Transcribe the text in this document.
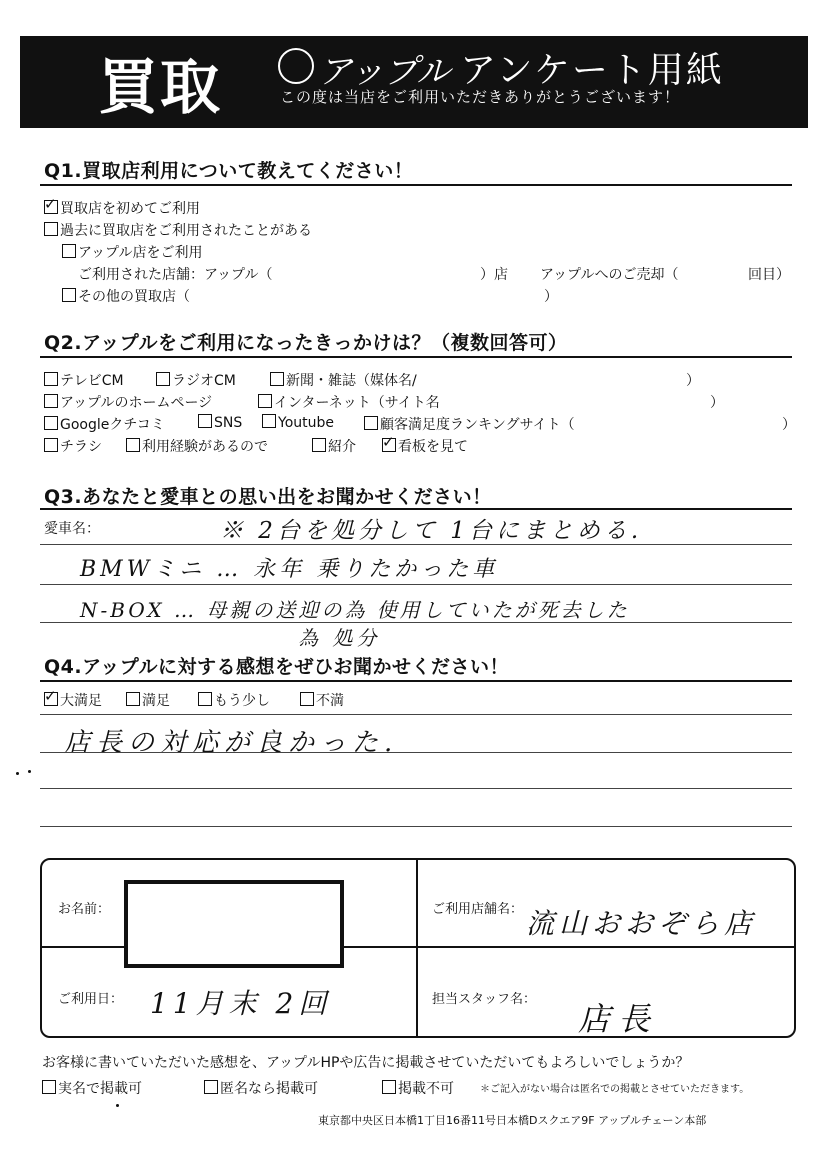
買取	アップル アンケート用紙
この度は当店をご利用いただきありがとうございます！
Q1.買取店利用について教えてください！
✓買取店を初めてご利用
過去に買取店をご利用されたことがある
アップル店をご利用
ご利用された店舗：アップル（	）店 アップルへのご売却（	回目）
その他の買取店（	）
Q2.アップルをご利用になったきっかけは？（複数回答可）
テレビCM	ラジオCM	新聞・雑誌（媒体名/	）
アップルのホームページ	インターネット（サイト名	）
Googleクチコミ	SNS	Youtube	顧客満足度ランキングサイト（	）
チラシ	利用経験があるので	紹介
✓	看板を見て
Q3.あなたと愛車との思い出をお聞かせください！
愛車名：	※ 2台を処分して 1台にまとめる.
BMWミニ … 永年 乗りたかった車
N-BOX … 母親の送迎の為 使用していたが死去した
為 処分
Q4.アップルに対する感想をぜひお聞かせください！
✓大満足	満足	もう少し	不満
店長の対応が良かった.
お名前：	ご利用店舗名： 流山おおぞら店
ご利用日： 11月末 2回	担当スタッフ名：
店長
お客様に書いていただいた感想を、アップルHPや広告に掲載させていただいてもよろしいでしょうか？
実名で掲載可	匿名なら掲載可	掲載不可	＊ご記入がない場合は匿名での掲載とさせていただきます。
東京都中央区日本橋1丁目16番11号日本橋Dスクエア9F アップルチェーン本部
